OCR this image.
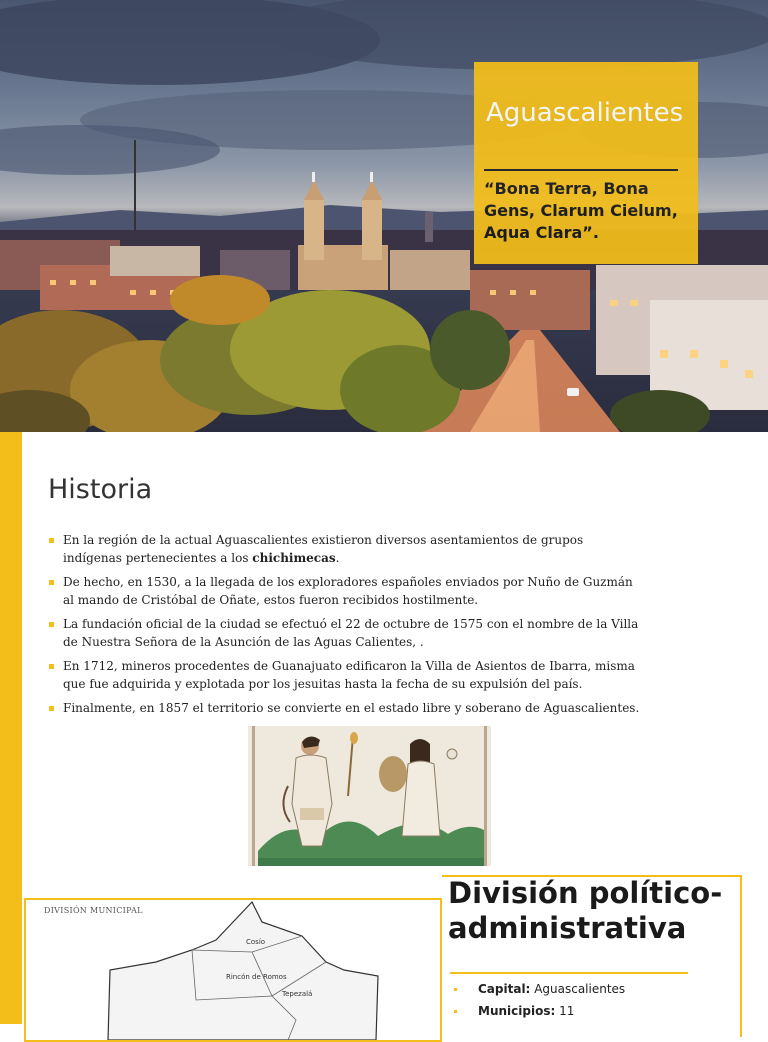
Aguascalientes
“Bona Terra, Bona Gens, Clarum Cielum, Aqua Clara”.
Historia
En la región de la actual Aguascalientes existieron diversos asentamientos de grupos indígenas pertenecientes a los chichimecas.
De hecho, en 1530, a la llegada de los exploradores españoles enviados por Nuño de Guzmán al mando de Cristóbal de Oñate, estos fueron recibidos hostilmente.
La fundación oficial de la ciudad se efectuó el 22 de octubre de 1575 con el nombre de la Villa de Nuestra Señora de la Asunción de las Aguas Calientes, .
En 1712, mineros procedentes de Guanajuato edificaron la Villa de Asientos de Ibarra, misma que fue adquirida y explotada por los jesuitas hasta la fecha de su expulsión del país.
Finalmente, en 1857 el territorio se convierte en el estado libre y soberano de Aguascalientes.
Cosío
Rincón de Romos
Tepezalá
DIVISIÓN MUNICIPAL
División político-administrativa
Capital: Aguascalientes
Municipios: 11
